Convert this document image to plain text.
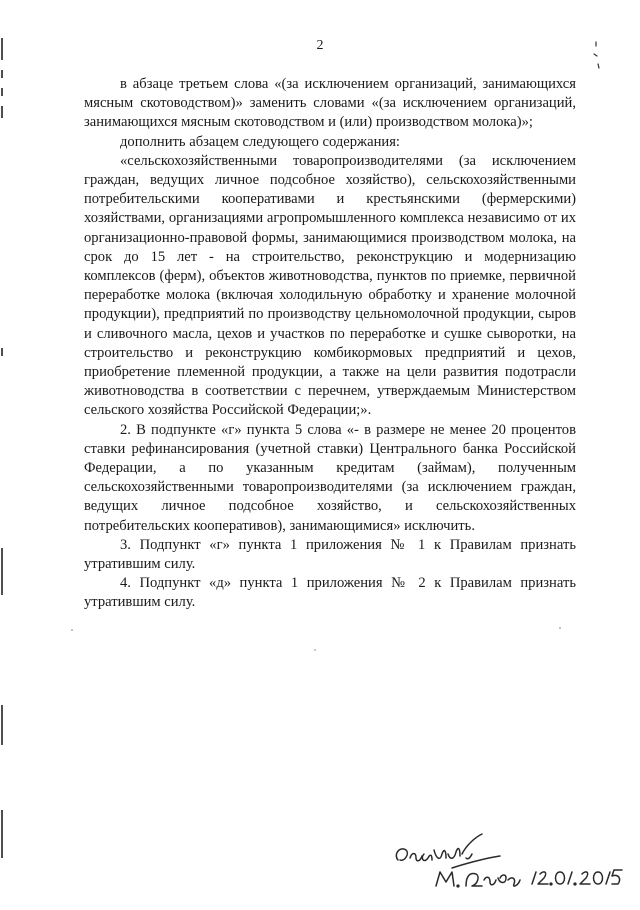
2

в абзаце третьем слова «(за исключением организаций, занимающихся мясным скотоводством)» заменить словами «(за исключением организаций, занимающихся мясным скотоводством и (или) производством молока)»;

дополнить абзацем следующего содержания:

«сельскохозяйственными товаропроизводителями (за исключением граждан, ведущих личное подсобное хозяйство), сельскохозяйственными потребительскими кооперативами и крестьянскими (фермерскими) хозяйствами, организациями агропромышленного комплекса независимо от их организационно-правовой формы, занимающимися производством молока, на срок до 15 лет - на строительство, реконструкцию и модернизацию комплексов (ферм), объектов животноводства, пунктов по приемке, первичной переработке молока (включая холодильную обработку и хранение молочной продукции), предприятий по производству цельномолочной продукции, сыров и сливочного масла, цехов и участков по переработке и сушке сыворотки, на строительство и реконструкцию комбикормовых предприятий и цехов, приобретение племенной продукции, а также на цели развития подотрасли животноводства в соответствии с перечнем, утверждаемым Министерством сельского хозяйства Российской Федерации;».

2. В подпункте «г» пункта 5 слова «- в размере не менее 20 процентов ставки рефинансирования (учетной ставки) Центрального банка Российской Федерации, а по указанным кредитам (займам), полученным сельскохозяйственными товаропроизводителями (за исключением граждан, ведущих личное подсобное хозяйство, и сельскохозяйственных потребительских кооперативов), занимающимися» исключить.

3. Подпункт «г» пункта 1 приложения № 1 к Правилам признать утратившим силу.

4. Подпункт «д» пункта 1 приложения № 2 к Правилам признать утратившим силу.
